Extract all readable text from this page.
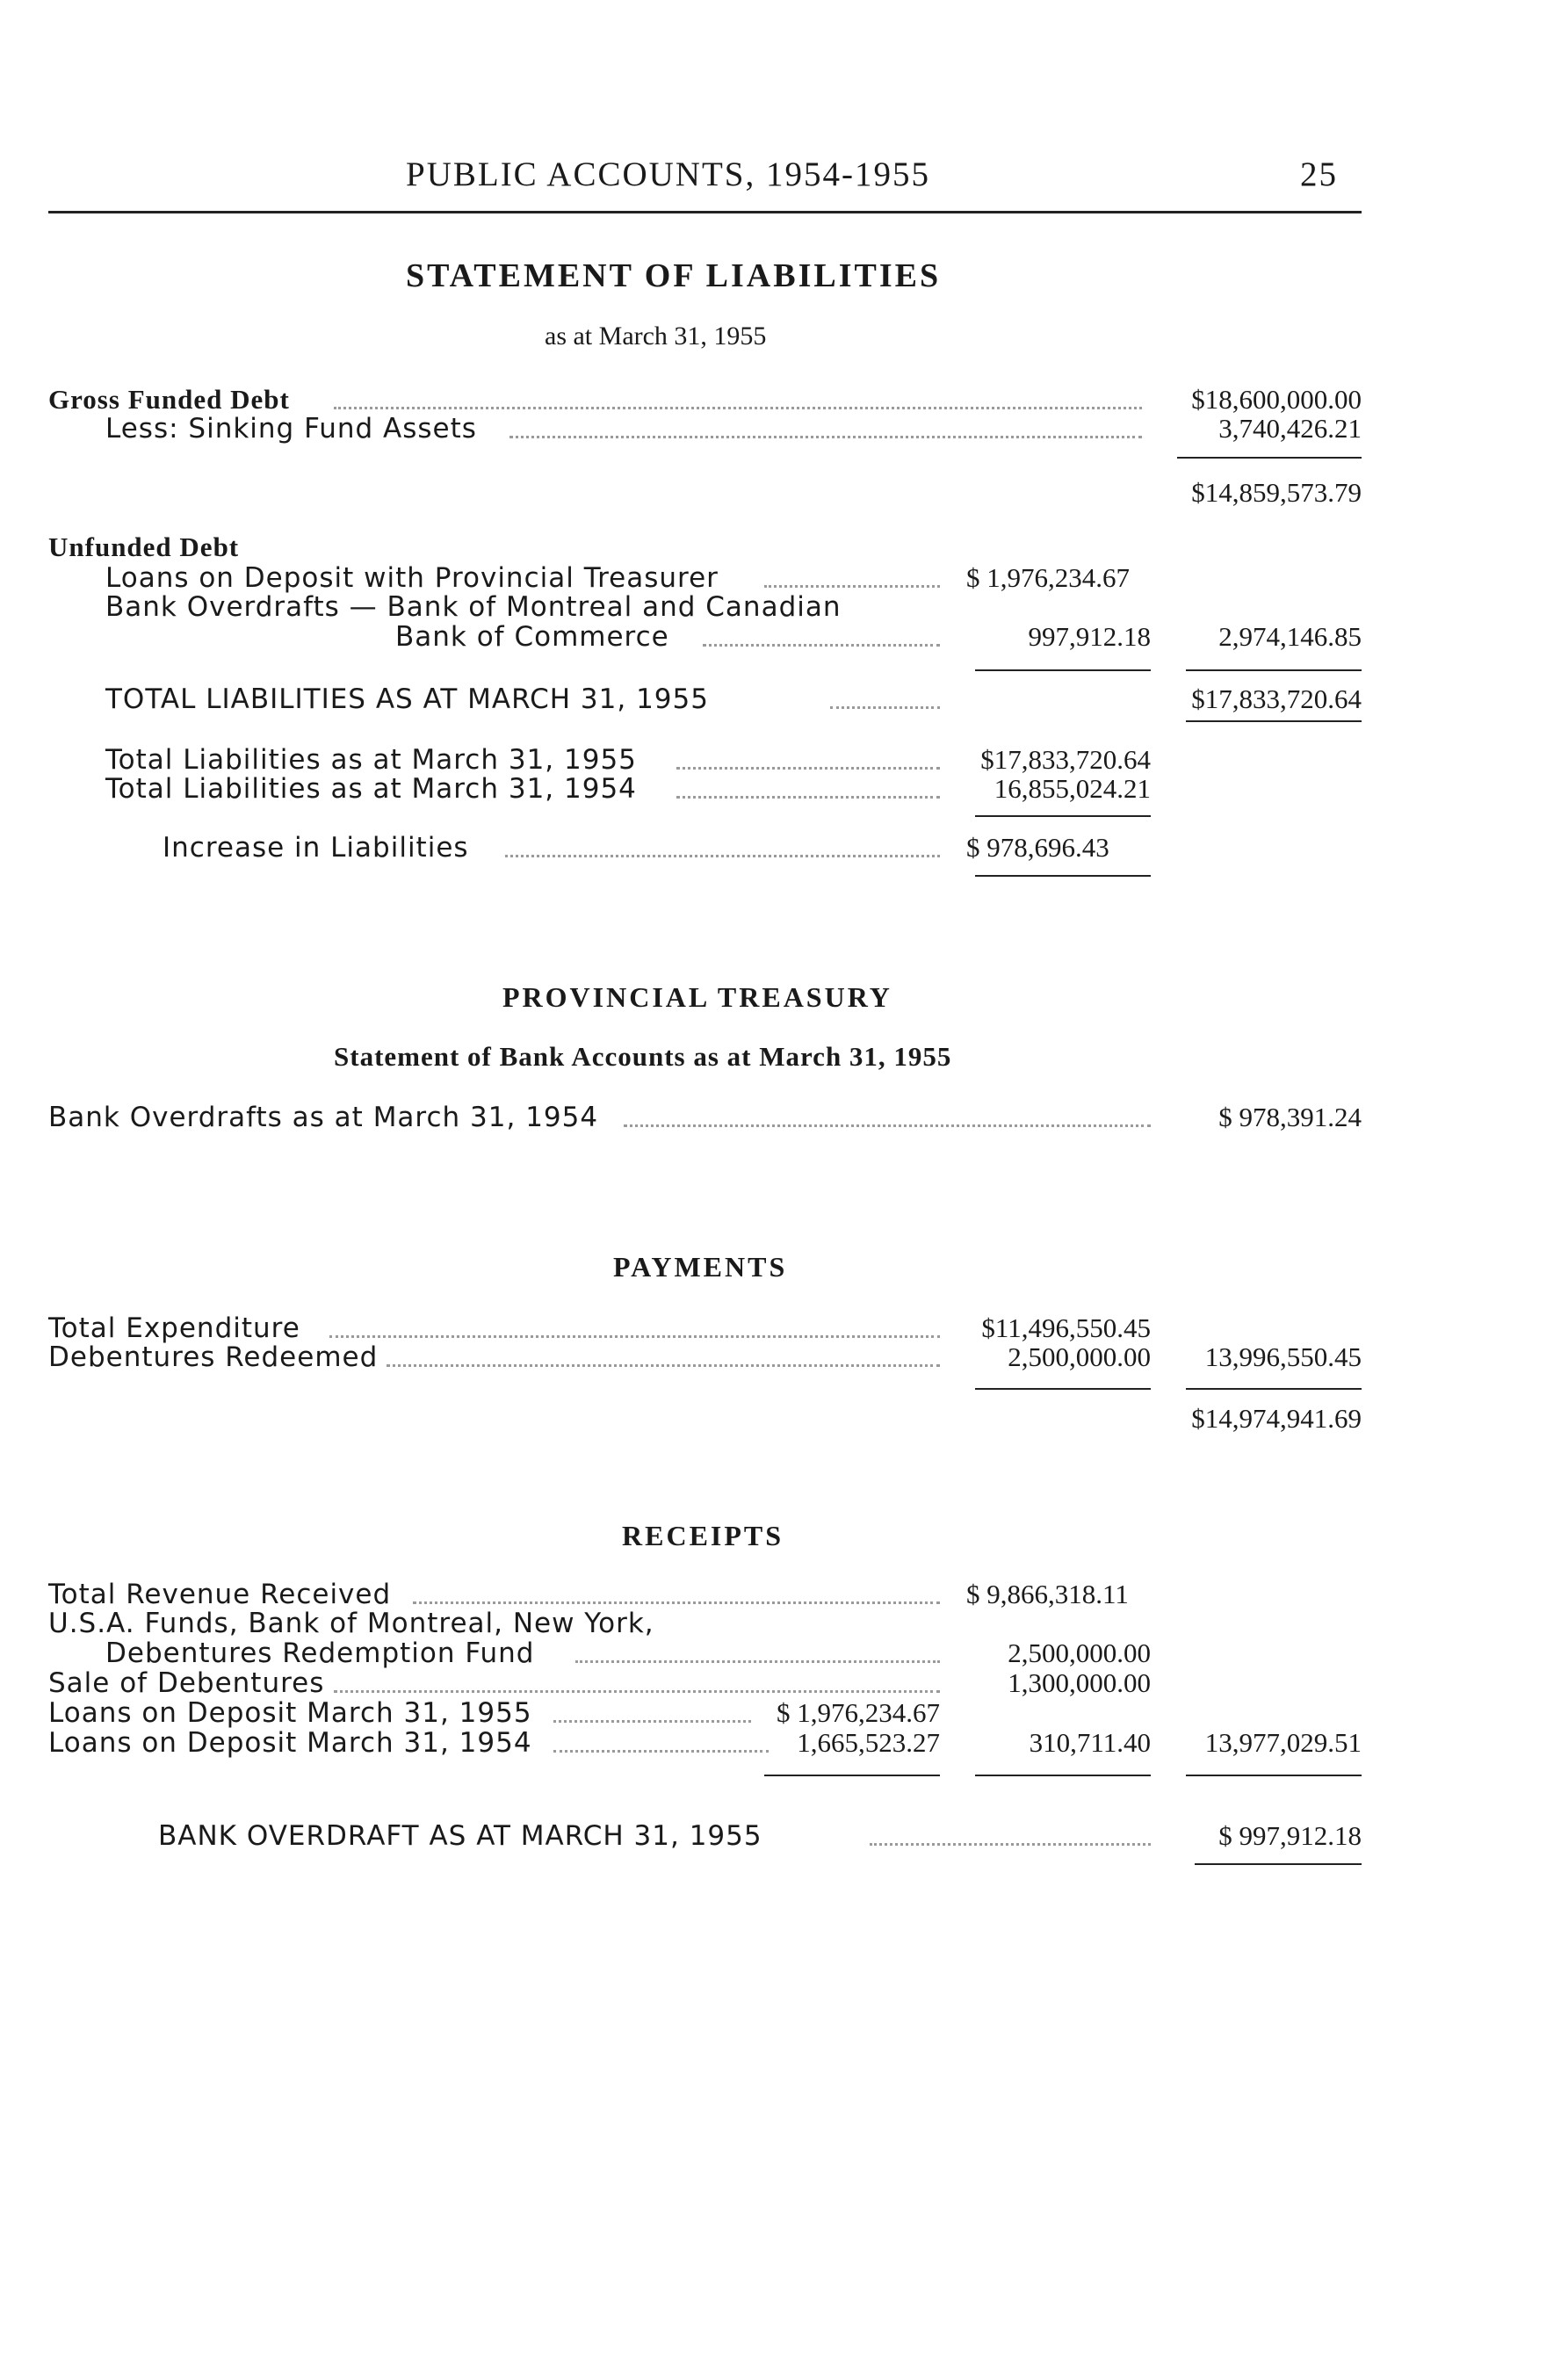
PUBLIC ACCOUNTS, 1954-1955	25
STATEMENT OF LIABILITIES
as at March 31, 1955
Gross Funded Debt	$18,600,000.00
Less: Sinking Fund Assets	3,740,426.21
$14,859,573.79
Unfunded Debt
Loans on Deposit with Provincial Treasurer	$ 1,976,234.67
Bank Overdrafts — Bank of Montreal and Canadian
Bank of Commerce	997,912.18	2,974,146.85
TOTAL LIABILITIES AS AT MARCH 31, 1955	$17,833,720.64
Total Liabilities as at March 31, 1955	$17,833,720.64
Total Liabilities as at March 31, 1954	16,855,024.21
Increase in Liabilities	$ 978,696.43
PROVINCIAL TREASURY
Statement of Bank Accounts as at March 31, 1955
Bank Overdrafts as at March 31, 1954	$ 978,391.24
PAYMENTS
Total Expenditure	$11,496,550.45
Debentures Redeemed	2,500,000.00	13,996,550.45
$14,974,941.69
RECEIPTS
Total Revenue Received	$ 9,866,318.11
U.S.A. Funds, Bank of Montreal, New York,
Debentures Redemption Fund	2,500,000.00
Sale of Debentures	1,300,000.00
Loans on Deposit March 31, 1955	$ 1,976,234.67
Loans on Deposit March 31, 1954	1,665,523.27	310,711.40	13,977,029.51
BANK OVERDRAFT AS AT MARCH 31, 1955	$ 997,912.18
